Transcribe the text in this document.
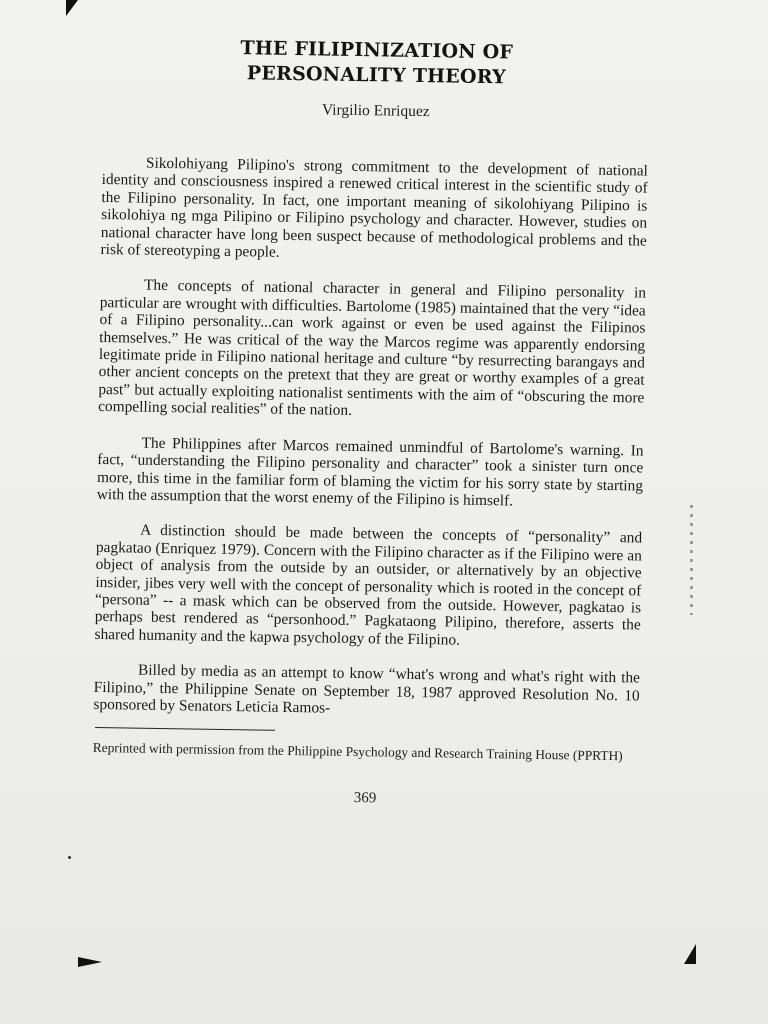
THE FILIPINIZATION OF
PERSONALITY THEORY

Virgilio Enriquez

Sikolohiyang Pilipino's strong commitment to the development of national identity and consciousness inspired a renewed critical interest in the scientific study of the Filipino personality. In fact, one important meaning of sikolohiyang Pilipino is sikolohiya ng mga Pilipino or Filipino psychology and character. However, studies on national character have long been suspect because of methodological problems and the risk of stereotyping a people.

The concepts of national character in general and Filipino personality in particular are wrought with difficulties. Bartolome (1985) maintained that the very “idea of a Filipino personality...can work against or even be used against the Filipinos themselves.” He was critical of the way the Marcos regime was apparently endorsing legitimate pride in Filipino national heritage and culture “by resurrecting barangays and other ancient concepts on the pretext that they are great or worthy examples of a great past” but actually exploiting nationalist sentiments with the aim of “obscuring the more compelling social realities” of the nation.

The Philippines after Marcos remained unmindful of Bartolome's warning. In fact, “understanding the Filipino personality and character” took a sinister turn once more, this time in the familiar form of blaming the victim for his sorry state by starting with the assumption that the worst enemy of the Filipino is himself.

A distinction should be made between the concepts of “personality” and pagkatao (Enriquez 1979). Concern with the Filipino character as if the Filipino were an object of analysis from the outside by an outsider, or alternatively by an objective insider, jibes very well with the concept of personality which is rooted in the concept of “persona” -- a mask which can be observed from the outside. However, pagkatao is perhaps best rendered as “personhood.” Pagkataong Pilipino, therefore, asserts the shared humanity and the kapwa psychology of the Filipino.

Billed by media as an attempt to know “what's wrong and what's right with the Filipino,” the Philippine Senate on September 18, 1987 approved Resolution No. 10 sponsored by Senators Leticia Ramos-

Reprinted with permission from the Philippine Psychology and Research Training House (PPRTH)

369
